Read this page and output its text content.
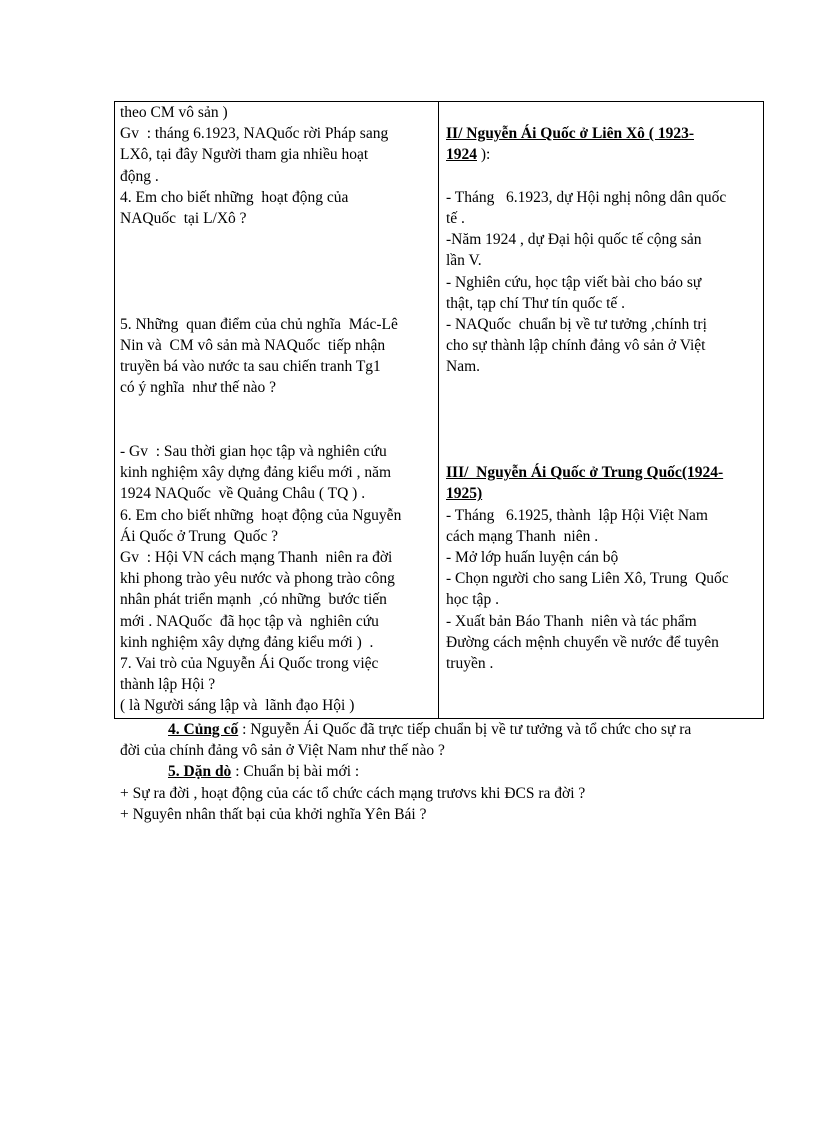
theo CM vô sản )
Gv  : tháng 6.1923, NAQuốc rời Pháp sang
LXô, tại đây Người tham gia nhiều hoạt
động .
4. Em cho biết những  hoạt động của
NAQuốc  tại L/Xô ?
5. Những  quan điểm của chủ nghĩa  Mác-Lê
Nin và  CM vô sản mà NAQuốc  tiếp nhận
truyền bá vào nước ta sau chiến tranh Tg1
có ý nghĩa  như thế nào ?
- Gv  : Sau thời gian học tập và nghiên cứu
kinh nghiệm xây dựng đảng kiểu mới , năm
1924 NAQuốc  về Quảng Châu ( TQ ) .
6. Em cho biết những  hoạt động của Nguyễn
Ái Quốc ở Trung  Quốc ?
Gv  : Hội VN cách mạng Thanh  niên ra đời
khi phong trào yêu nước và phong trào công
nhân phát triển mạnh  ,có những  bước tiến
mới . NAQuốc  đã học tập và  nghiên cứu
kinh nghiệm xây dựng đảng kiểu mới )  .
7. Vai trò của Nguyễn Ái Quốc trong việc
thành lập Hội ?
( là Người sáng lập và  lãnh đạo Hội )
II/ Nguyễn Ái Quốc ở Liên Xô ( 1923-
1924 ):
- Tháng   6.1923, dự Hội nghị nông dân quốc
tế .
-Năm 1924 , dự Đại hội quốc tế cộng sản
lần V.
- Nghiên cứu, học tập viết bài cho báo sự
thật, tạp chí Thư tín quốc tế .
- NAQuốc  chuẩn bị về tư tưởng ,chính trị
cho sự thành lập chính đảng vô sản ở Việt
Nam.
III/  Nguyễn Ái Quốc ở Trung Quốc(1924-
1925)
- Tháng   6.1925, thành  lập Hội Việt Nam
cách mạng Thanh  niên .
- Mở lớp huấn luyện cán bộ
- Chọn người cho sang Liên Xô, Trung  Quốc
học tập .
- Xuất bản Báo Thanh  niên và tác phẩm
Đường cách mệnh chuyển về nước để tuyên
truyền .
4. Củng cố : Nguyễn Ái Quốc đã trực tiếp chuẩn bị về tư tưởng và tổ chức cho sự ra
đời của chính đảng vô sản ở Việt Nam như thế nào ?
5. Dặn dò : Chuẩn bị bài mới :
+ Sự ra đời , hoạt động của các tổ chức cách mạng trươvs khi ĐCS ra đời ?
+ Nguyên nhân thất bại của khởi nghĩa Yên Bái ?
